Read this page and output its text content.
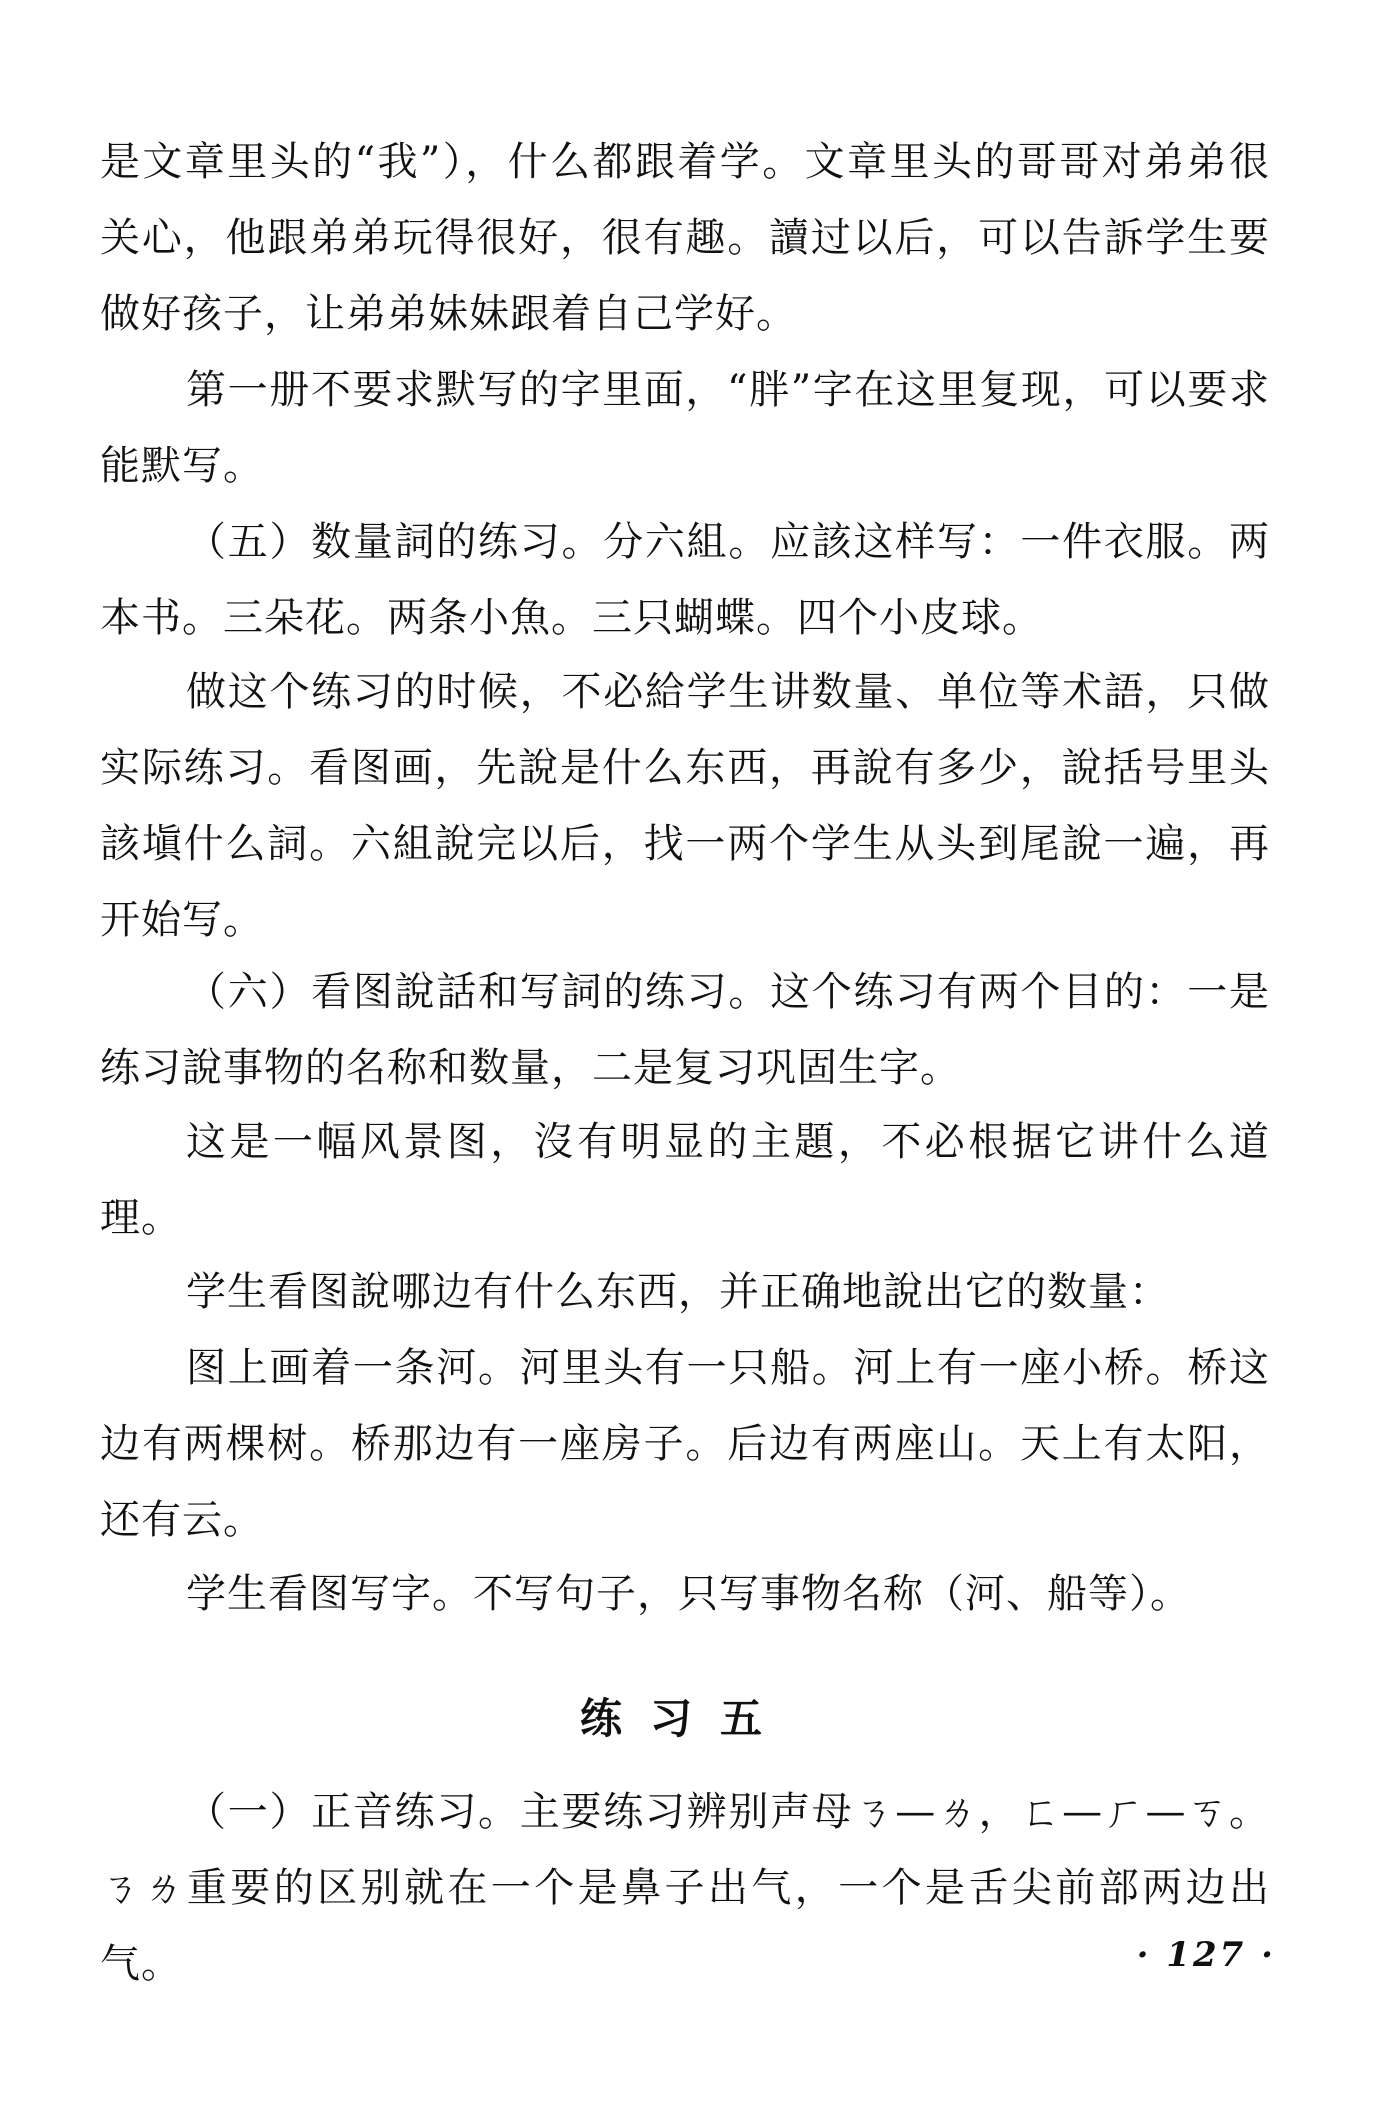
是文章里头的“我”），什么都跟着学。文章里头的哥哥对弟弟很关心，他跟弟弟玩得很好，很有趣。讀过以后，可以告訴学生要做好孩子，让弟弟妹妹跟着自己学好。

第一册不要求默写的字里面，“胖”字在这里复现，可以要求能默写。

（五）数量詞的练习。分六組。应該这样写：一件衣服。两本书。三朵花。两条小魚。三只蝴蝶。四个小皮球。

做这个练习的时候，不必給学生讲数量、单位等术語，只做实际练习。看图画，先說是什么东西，再說有多少，說括号里头該塡什么詞。六組說完以后，找一两个学生从头到尾說一遍，再开始写。

（六）看图說話和写詞的练习。这个练习有两个目的：一是练习說事物的名称和数量，二是复习巩固生字。

这是一幅风景图，沒有明显的主題，不必根据它讲什么道理。

学生看图說哪边有什么东西，并正确地說出它的数量：

图上画着一条河。河里头有一只船。河上有一座小桥。桥这边有两棵树。桥那边有一座房子。后边有两座山。天上有太阳，还有云。

学生看图写字。不写句子，只写事物名称（河、船等）。

练习五

（一）正音练习。主要练习辨别声母ㄋ—ㄌ，ㄈ—ㄏ—ㄎ。ㄋㄌ重要的区别就在一个是鼻子出气，一个是舌尖前部两边出气。	· 127 ·
